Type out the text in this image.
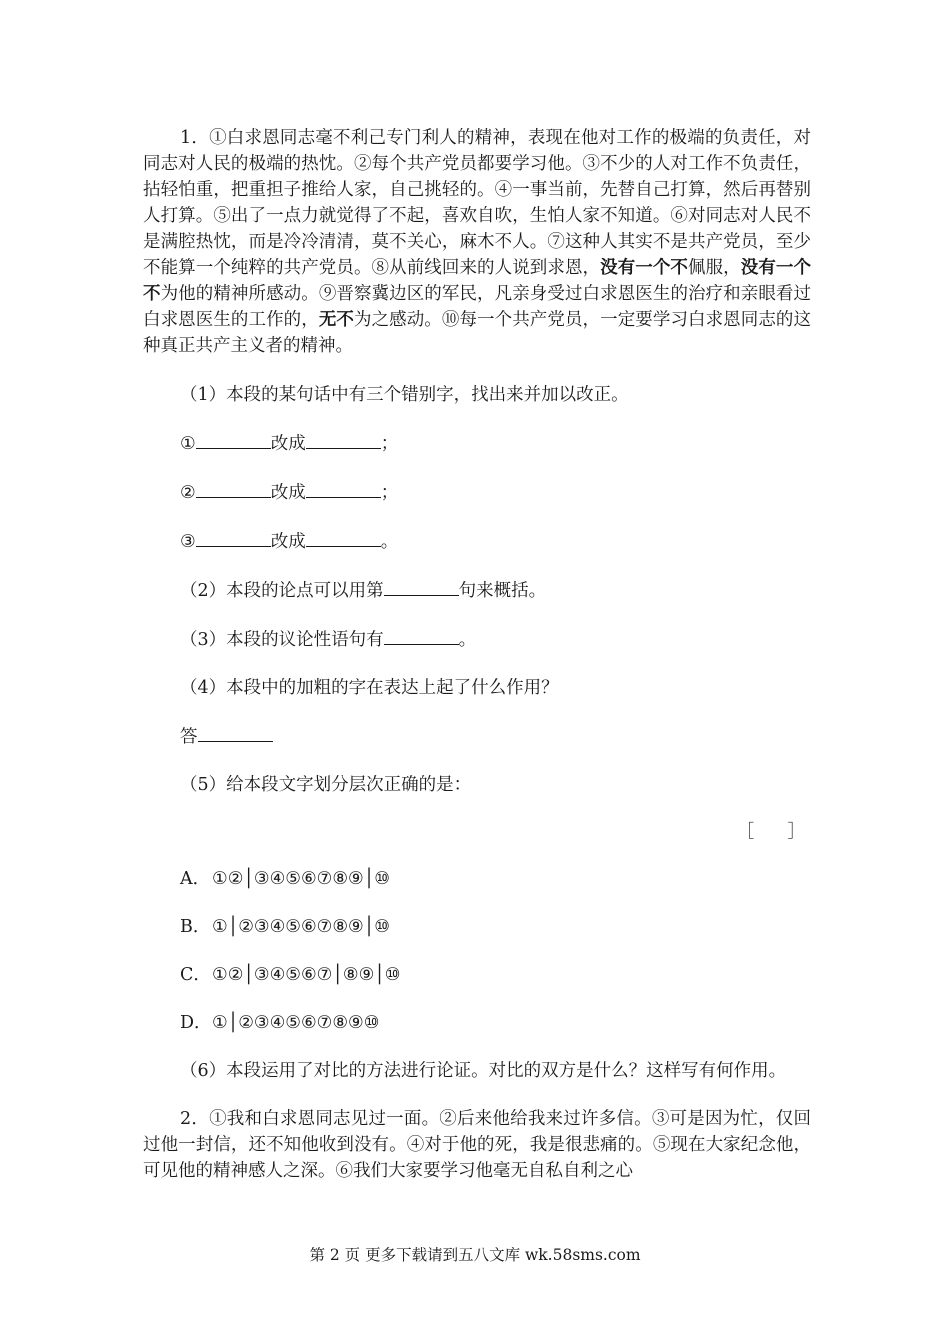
1．①白求恩同志毫不利己专门利人的精神，表现在他对工作的极端的负责任，对同志对人民的极端的热忱。②每个共产党员都要学习他。③不少的人对工作不负责任，拈轻怕重，把重担子推给人家，自己挑轻的。④一事当前，先替自己打算，然后再替别人打算。⑤出了一点力就觉得了不起，喜欢自吹，生怕人家不知道。⑥对同志对人民不是满腔热忱，而是冷冷清清，莫不关心，麻木不人。⑦这种人其实不是共产党员，至少不能算一个纯粹的共产党员。⑧从前线回来的人说到求恩，没有一个不佩服，没有一个不为他的精神所感动。⑨晋察冀边区的军民，凡亲身受过白求恩医生的治疗和亲眼看过白求恩医生的工作的，无不为之感动。⑩每一个共产党员，一定要学习白求恩同志的这种真正共产主义者的精神。

（1）本段的某句话中有三个错别字，找出来并加以改正。

①	改成	；

②	改成	；

③	改成	。

（2）本段的论点可以用第	句来概括。

（3）本段的议论性语句有	。

（4）本段中的加粗的字在表达上起了什么作用？

答

（5）给本段文字划分层次正确的是：

［ ］

A． ①②│③④⑤⑥⑦⑧⑨│⑩

B．①│②③④⑤⑥⑦⑧⑨│⑩

C．①②│③④⑤⑥⑦│⑧⑨│⑩

D．①│②③④⑤⑥⑦⑧⑨⑩

（6）本段运用了对比的方法进行论证。对比的双方是什么？这样写有何作用。

2．①我和白求恩同志见过一面。②后来他给我来过许多信。③可是因为忙，仅回过他一封信，还不知他收到没有。④对于他的死，我是很悲痛的。⑤现在大家纪念他，可见他的精神感人之深。⑥我们大家要学习他毫无自私自利之心

第 2 页 更多下载请到五八文库 wk.58sms.com
